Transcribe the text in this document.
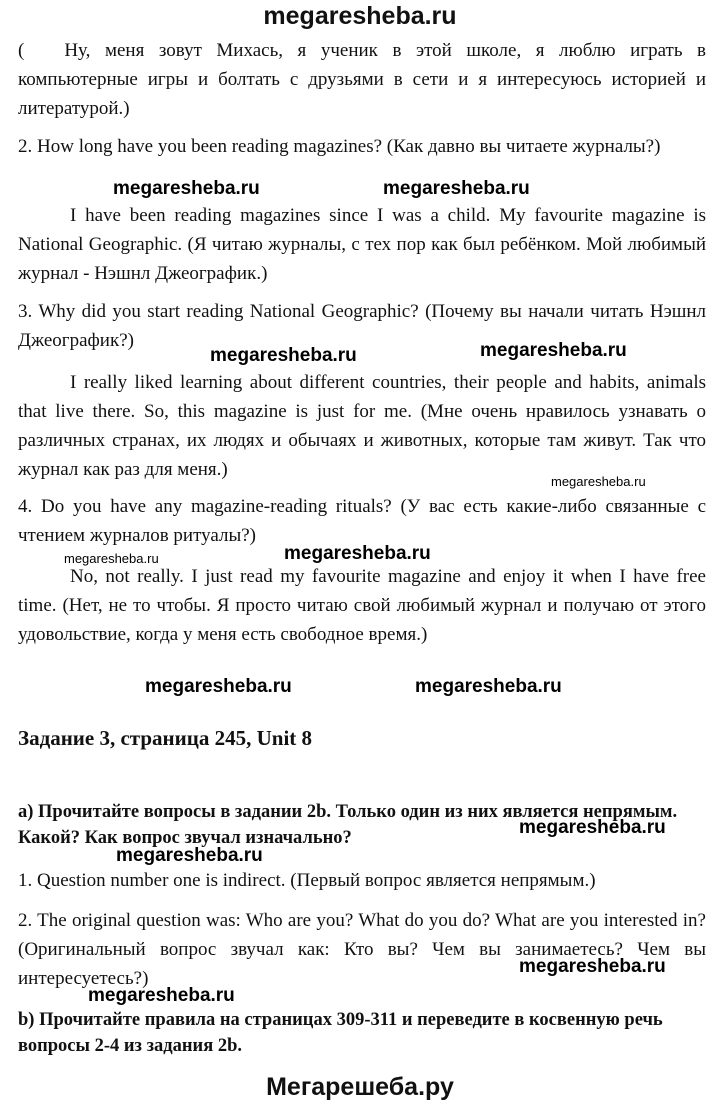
megaresheba.ru

( Ну, меня зовут Михась, я ученик в этой школе, я люблю играть в компьютерные игры и болтать с друзьями в сети и я интересуюсь историей и литературой.)

2. How long have you been reading magazines? (Как давно вы читаете журналы?)

I have been reading magazines since I was a child. My favourite magazine is National Geographic. (Я читаю журналы, с тех пор как был ребёнком. Мой любимый журнал - Нэшнл Джеографик.)

3. Why did you start reading National Geographic? (Почему вы начали читать Нэшнл Джеографик?)

I really liked learning about different countries, their people and habits, animals that live there. So, this magazine is just for me. (Мне очень нравилось узнавать о различных странах, их людях и обычаях и животных, которые там живут. Так что журнал как раз для меня.)

4. Do you have any magazine-reading rituals? (У вас есть какие-либо связанные с чтением журналов ритуалы?)

No, not really. I just read my favourite magazine and enjoy it when I have free time. (Нет, не то чтобы. Я просто читаю свой любимый журнал и получаю от этого удовольствие, когда у меня есть свободное время.)

Задание 3, страница 245, Unit 8

a) Прочитайте вопросы в задании 2b. Только один из них является непрямым. Какой? Как вопрос звучал изначально?

1. Question number one is indirect. (Первый вопрос является непрямым.)

2. The original question was: Who are you? What do you do? What are you interested in? (Оригинальный вопрос звучал как: Кто вы? Чем вы занимаетесь? Чем вы интересуетесь?)

b) Прочитайте правила на страницах 309-311 и переведите в косвенную речь вопросы 2-4 из задания 2b.

megaresheba.ru	megaresheba.ru
megaresheba.ru	megaresheba.ru
megaresheba.ru
megaresheba.ru	megaresheba.ru
megaresheba.ru	megaresheba.ru
megaresheba.ru
megaresheba.ru
megaresheba.ru
megaresheba.ru
Мегарешеба.ру
